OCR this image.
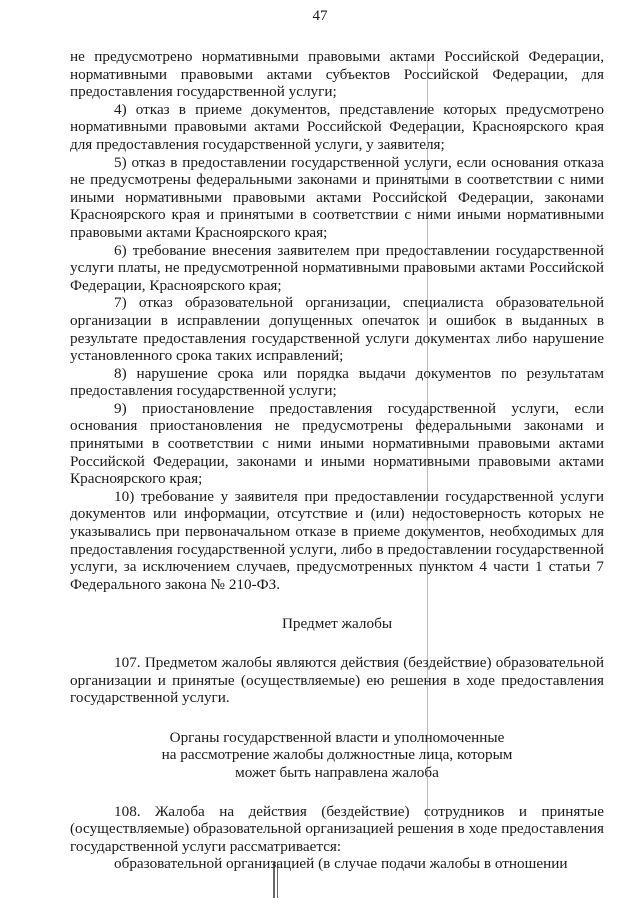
47

не предусмотрено нормативными правовыми актами Российской Федерации, нормативными правовыми актами субъектов Российской Федерации, для предоставления государственной услуги;

4) отказ в приеме документов, представление которых предусмотрено нормативными правовыми актами Российской Федерации, Красноярского края для предоставления государственной услуги, у заявителя;

5) отказ в предоставлении государственной услуги, если основания отказа не предусмотрены федеральными законами и принятыми в соответствии с ними иными нормативными правовыми актами Российской Федерации, законами Красноярского края и принятыми в соответствии с ними иными нормативными правовыми актами Красноярского края;

6) требование внесения заявителем при предоставлении государственной услуги платы, не предусмотренной нормативными правовыми актами Российской Федерации, Красноярского края;

7) отказ образовательной организации, специалиста образовательной организации в исправлении допущенных опечаток и ошибок в выданных в результате предоставления государственной услуги документах либо нарушение установленного срока таких исправлений;

8) нарушение срока или порядка выдачи документов по результатам предоставления государственной услуги;

9) приостановление предоставления государственной услуги, если основания приостановления не предусмотрены федеральными законами и принятыми в соответствии с ними иными нормативными правовыми актами Российской Федерации, законами и иными нормативными правовыми актами Красноярского края;

10) требование у заявителя при предоставлении государственной услуги документов или информации, отсутствие и (или) недостоверность которых не указывались при первоначальном отказе в приеме документов, необходимых для предоставления государственной услуги, либо в предоставлении государственной услуги, за исключением случаев, предусмотренных пунктом 4 части 1 статьи 7 Федерального закона № 210-ФЗ.

Предмет жалобы

107. Предметом жалобы являются действия (бездействие) образовательной организации и принятые (осуществляемые) ею решения в ходе предоставления государственной услуги.

Органы государственной власти и уполномоченные
на рассмотрение жалобы должностные лица, которым
может быть направлена жалоба

108. Жалоба на действия (бездействие) сотрудников и принятые (осуществляемые) образовательной организацией решения в ходе предоставления государственной услуги рассматривается:

образовательной организацией (в случае подачи жалобы в отношении
